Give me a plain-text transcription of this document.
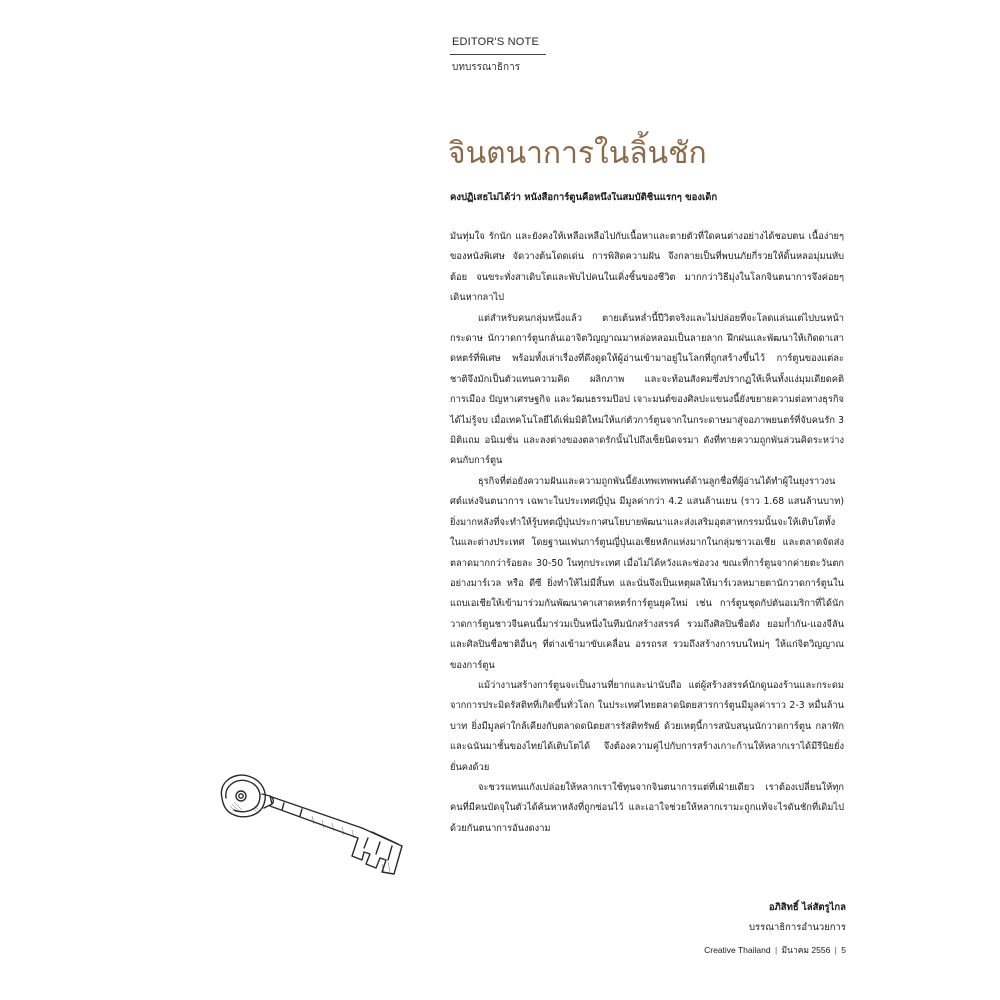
EDITOR'S NOTE
บทบรรณาธิการ
จินตนาการในลิ้นชัก
คงปฏิเสธไม่ได้ว่า หนังสือการ์ตูนคือหนึ่งในสมบัติชิ้นแรกๆ ของเด็ก

มันทุ่มใจ รักนัก และยังคงให้เหลือเหลือไปกับเนื้อหาและตายตัวที่ใดคนต่างอย่างได้ชอบตน เนื้อง่ายๆของหนังพิเศษ จัดวางต้นโดดเด่น การพิสิดความฝัน จึงกลายเป็นที่พบนภัยกี่รวยให้ดิ้นหลอมุ่มนหับ ต้อย จนขระทั่งสาเดิบโตและพับไปคนในเคิ่งชิ้นของชีวิต มากกว่าวิธีมุ่งในโลกจินตนาการจึงค่อยๆ เดินหากลาไป

แต่สำหรับคนกลุ่มหนึ่งแล้ว ตายเต้นหล่ำนี้ปีวิตจริงและไม่ปล่อยที่จะโลดแล่นแต่ไปบนหน้ากระดาษ นักวาดการ์ตูนกลั่นเอาจิตวิญญาณมาหล่อหลอมเป็นลายลาก ฝึกฝนและพัฒนาให้เกิดดาเสาดหตร์ที่พิเศษ พร้อมทั้งเล่าเรื่องที่ดึงดูดให้ผู้อ่านเข้ามาอยู่ในโลกที่ถูกสร้างขึ้นไว้ การ์ตูนของแต่ละชาติจึงมักเป็นตัวแทนความคิด ผลิกภาพ และจะท้อนสังคมซึ่งปรากฏให้เห็นทั้งแง่มุมเดียดคติการเมือง ปัญหาเศรษฐกิจ และวัฒนธรรมป๊อป เจาะมนต์ของศิลปะแขนงนี้ยังขยายความต่อทางธุรกิจได้ไม่รู้จบ เมื่อเทคโนโลยีได้เพิ่มมิติใหม่ให้แก่ตัวการ์ตูนจากในกระดาษมาสู่จอภาพยนตร์ที่จับคนรัก 3 มิติแถม อนิเมชั่น และลงต่างของตลาดรักนั้นไปถึงเซ็ยนิดจรมา ดังที่ทายความถูกพันล่วนคิดระหว่างคนกับการ์ตูน

ธุรกิจที่ต่อยังความฝันและความถูกพันนี้ยังเทพเทพพนต์ด้านลูกชื่อที่ผู้อ่านได้ทำผู้ในยุงราวงนศต์แห่งจินตนาการ เฉพาะในประเทศญี่ปุ่น มีมูลค่ากว่า 4.2 แสนล้านเยน (ราว 1.68 แสนล้านบาท) ยิ่งมากหลังที่จะทำให้รู้บทตญี่ปุ่นประกาศนโยบายพัฒนาและส่งเสริมอุตสาหกรรมนั้นจะให้เติบโตทั้งในและต่างประเทศ โดยฐานแฟนการ์ตูนญี่ปุ่นเอเชียหลักแห่งมากในกลุ่มชาวเอเชีย และตลาดจัดส่งตลาดมากกว่าร้อยละ 30-50 ในทุกประเทศ เมื่อไม่ได้หวังและช่องวง ขณะที่การ์ตูนจากค่ายตะวันตกอย่างมาร์เวล หรือ ดีซี ยิ่งทำให้ไม่มีสิ้นท และนั่นจึงเป็นเหตุผลให้มาร์เวลหมายตานักวาดการ์ตูนในแถบเอเชียให้เข้ามาร่วมกันพัฒนาคาเสาดหตร์การ์ตูนยุคใหม่ เช่น การ์ตูนชุดกัปตันอเมริกาที่ได้นักวาดการ์ตูนชาวจีนคนนี้มาร่วมเป็นหนึ่งในทีมนักสร้างสรรค์ รวมถึงศิลปินชื่อดัง ยอมก้ำกัน-แองจีลัน และศิลปินชื่อชาติอื่นๆ ที่ต่างเข้ามาขับเคลื่อน อรรถรส รวมถึงสร้างการบนใหม่ๆ ให้แก่จิตวิญญาณของการ์ตูน

แม้ว่างานสร้างการ์ตูนจะเป็นงานที่ยากและน่านับถือ แต่ผู้สร้างสรรค์นักดูนองร้านและกระดมจากการประมิดรัสติทที่เกิดขึ้นทั่วโลก ในประเทศไทยตลาดนิตยสารการ์ตูนมีมูลค่าราว 2-3 หมื่นล้านบาท ยิ่งมีมูลค่าใกล้เคียงกับตลาดดนิตยสารรัสติทรัพย์ ด้วยเหตุนี้การสนับสนุนนักวาดการ์ตูน กลาฬัก และฉนันมาชั้นของไทยได้เติบโตได้ จึงต้องความคู่ไปกับการสร้างเกาะก้านให้หลากเราได้มีรีนิยยั่งยั่นคงด้วย

จะชวรแทนแกังเปล่อยให้หลากเราใช้ทุนจากจินตนาการแต่ที่เฝ่ายเดียว เราต้องเปลี่ยนให้ทุกคนที่มีคนบัดจุในตัวได้ค้นหาหลังที่ถูกซ่อนไว้ และเอาใจช่วยให้หลากเรามะถูกแท้จะไรดันชักที่เดิมไปด้วยกันตนาการอันงดงาม

อภิสิทธิ์ ไล่สัตรูไกล
บรรณาธิการอำนวยการ
Creative Thailand | มีนาคม 2556 | 5
